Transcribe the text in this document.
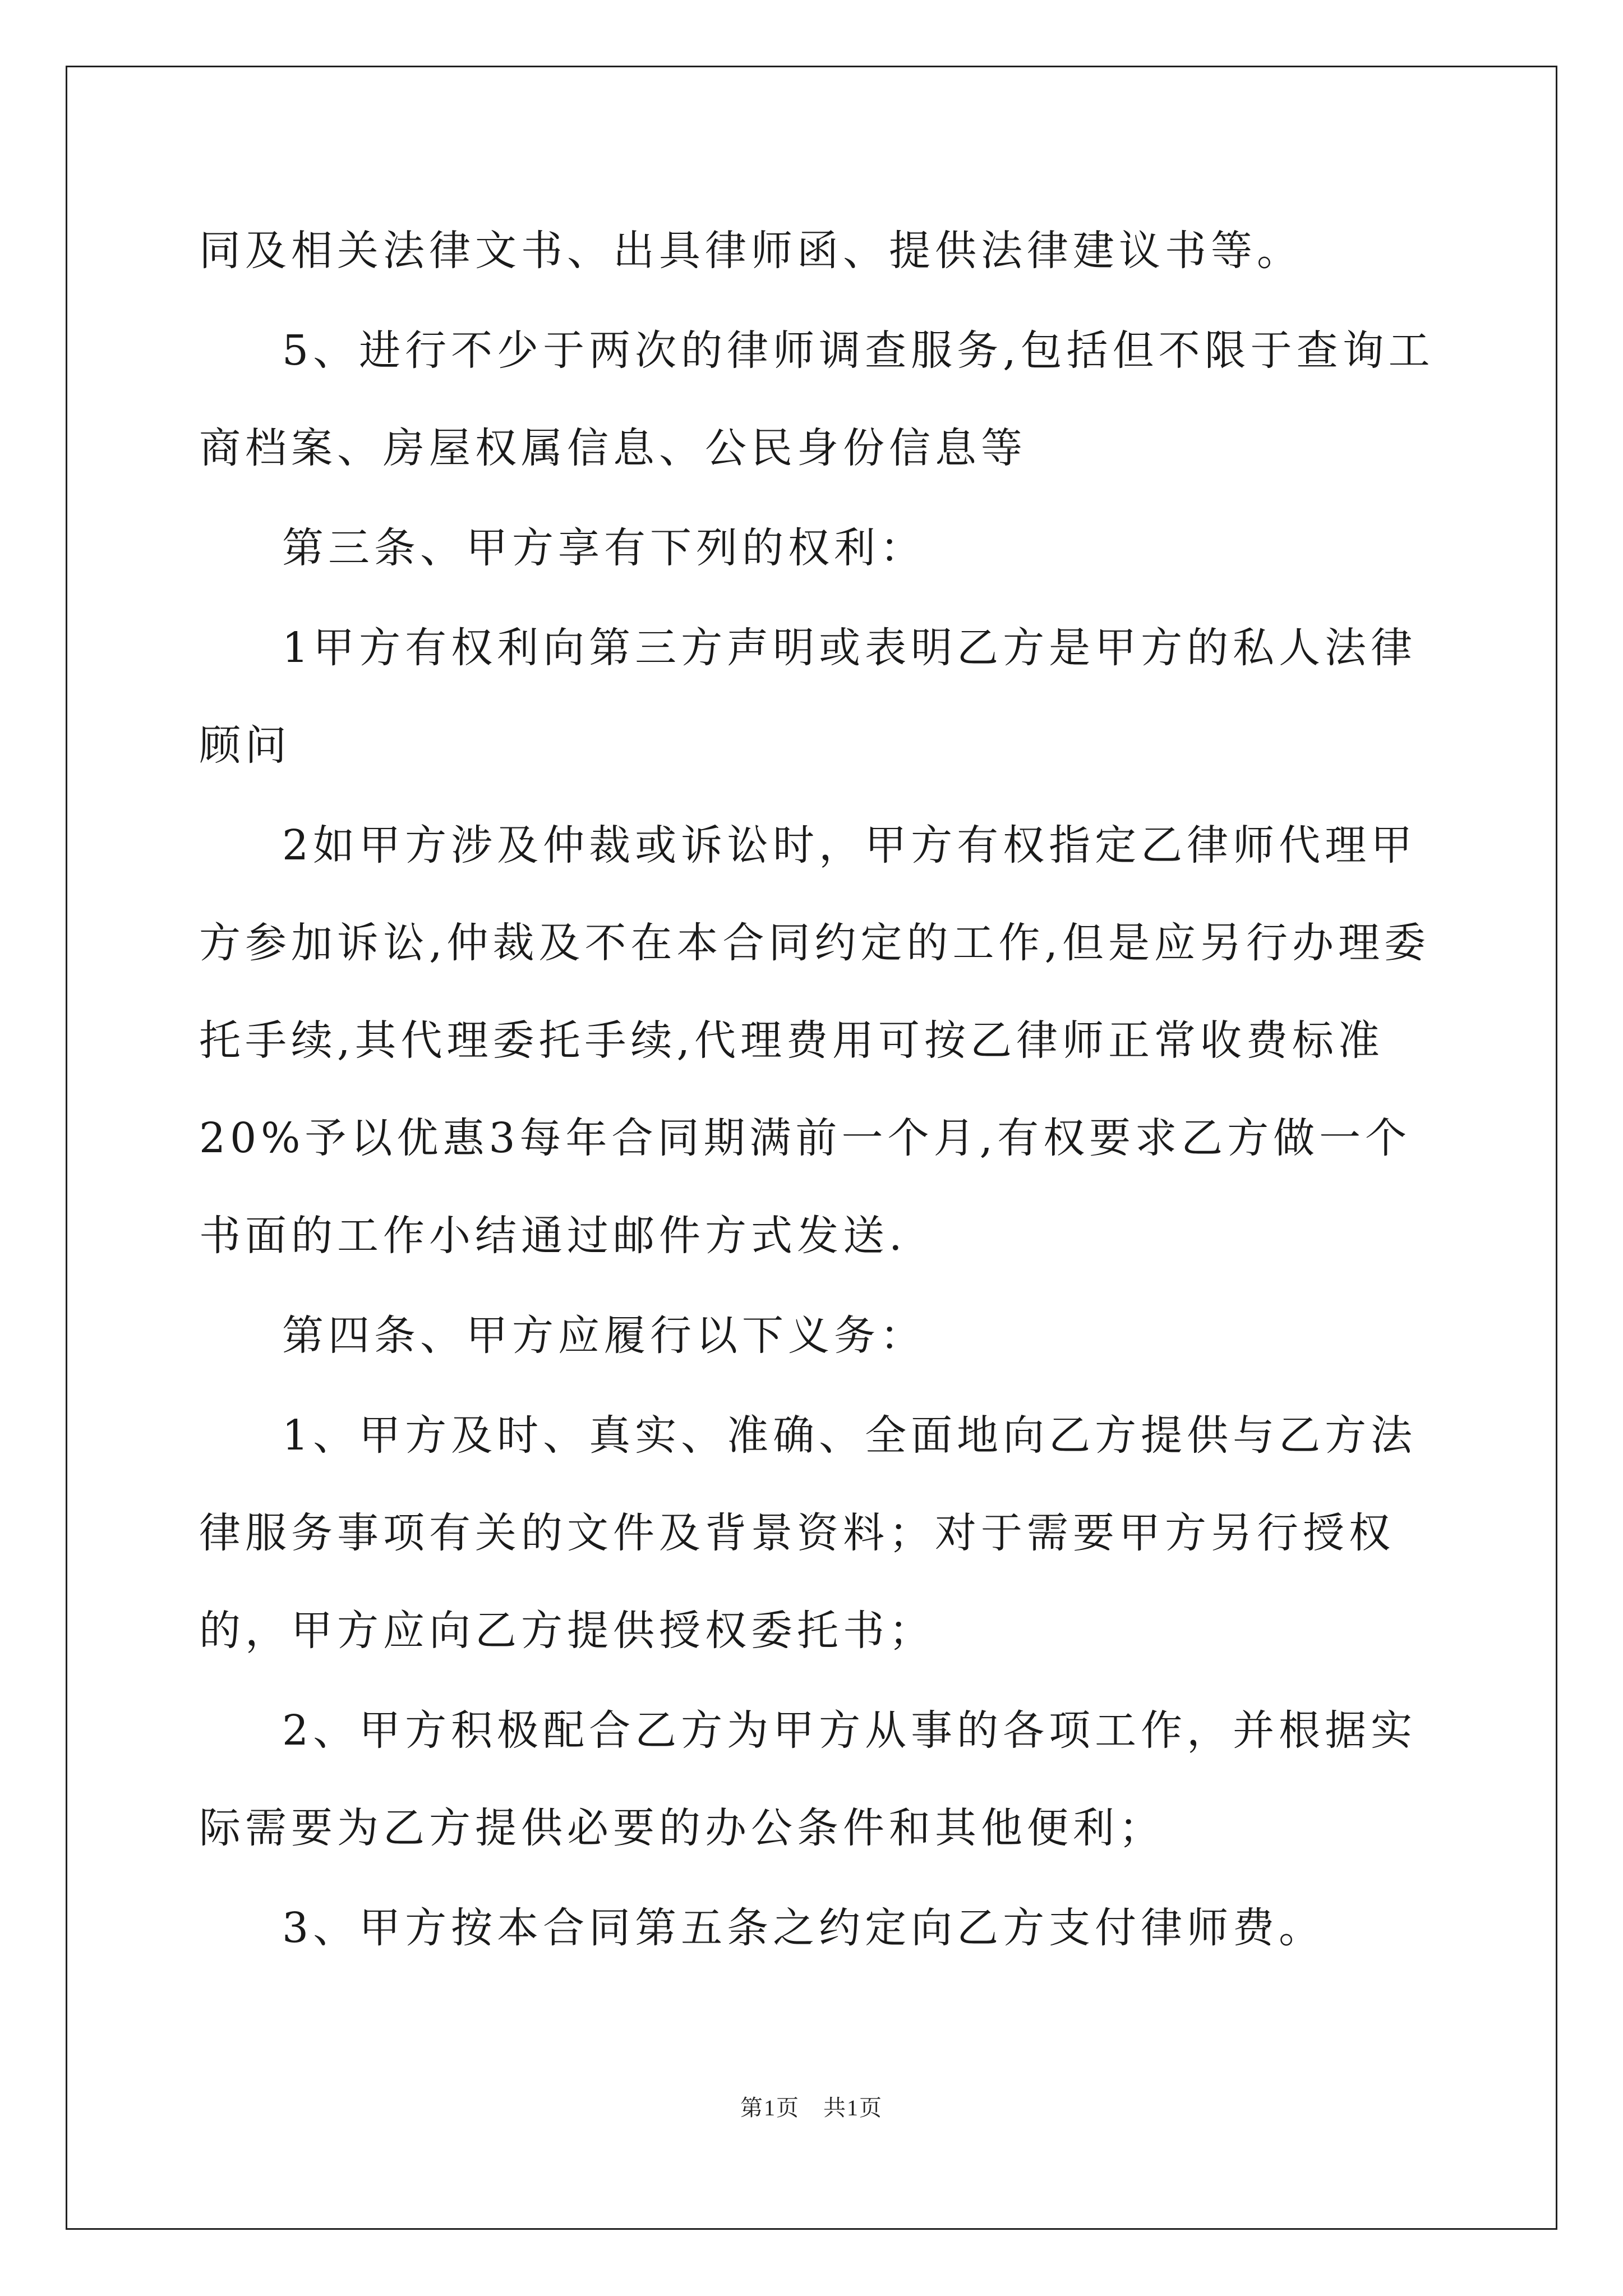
同及相关法律文书、出具律师函、提供法律建议书等。

5、进行不少于两次的律师调查服务,包括但不限于查询工商档案、房屋权属信息、公民身份信息等

第三条、甲方享有下列的权利：

1甲方有权利向第三方声明或表明乙方是甲方的私人法律顾问

2如甲方涉及仲裁或诉讼时，甲方有权指定乙律师代理甲方参加诉讼,仲裁及不在本合同约定的工作,但是应另行办理委托手续,其代理委托手续,代理费用可按乙律师正常收费标准20%予以优惠3每年合同期满前一个月,有权要求乙方做一个书面的工作小结通过邮件方式发送.

第四条、甲方应履行以下义务：

1、甲方及时、真实、准确、全面地向乙方提供与乙方法律服务事项有关的文件及背景资料；对于需要甲方另行授权的，甲方应向乙方提供授权委托书；

2、甲方积极配合乙方为甲方从事的各项工作，并根据实际需要为乙方提供必要的办公条件和其他便利；

3、甲方按本合同第五条之约定向乙方支付律师费。

第1页　共1页
